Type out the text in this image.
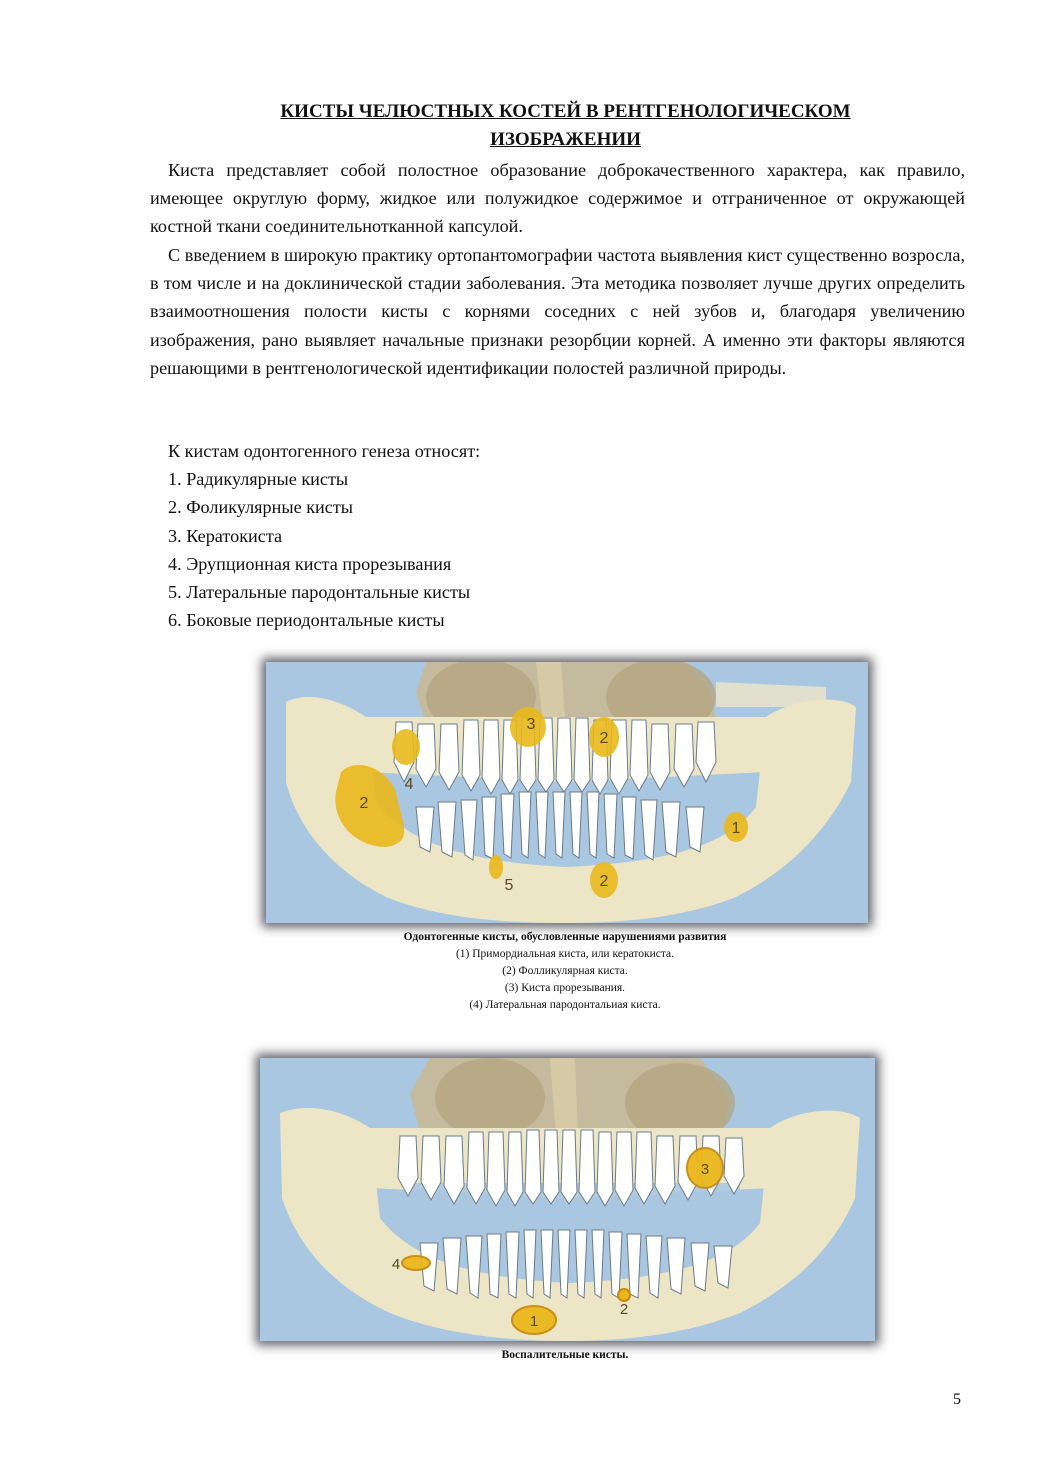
КИСТЫ ЧЕЛЮСТНЫХ КОСТЕЙ В РЕНТГЕНОЛОГИЧЕСКОМ
ИЗОБРАЖЕНИИ
Киста представляет собой полостное образование доброкачественного характера, как правило, имеющее округлую форму, жидкое или полужидкое содержимое и отграниченное от окружающей костной ткани соединительнотканной капсулой.
С введением в широкую практику ортопантомографии частота выявления кист существенно возросла, в том числе и на доклинической стадии заболевания. Эта методика позволяет лучше других определить взаимоотношения полости кисты с корнями соседних с ней зубов и, благодаря увеличению изображения, рано выявляет начальные признаки резорбции корней. А именно эти факторы являются решающими в рентгенологической идентификации полостей различной природы.
К кистам одонтогенного генеза относят:
1. Радикулярные кисты
2. Фоликулярные кисты
3. Кератокиста
4. Эрупционная киста прорезывания
5. Латеральные пародонтальные кисты
6. Боковые периодонтальные кисты
1
2
2
2
3
4
5
Одонтогенные кисты, обусловленные нарушениями развития
(1) Примордиальная киста, или кератокиста.
(2) Фолликулярная киста.
(3) Киста прорезывания.
(4) Латеральная пародонтальиая киста.
1
2
3
4
Воспалительные кисты.
5
